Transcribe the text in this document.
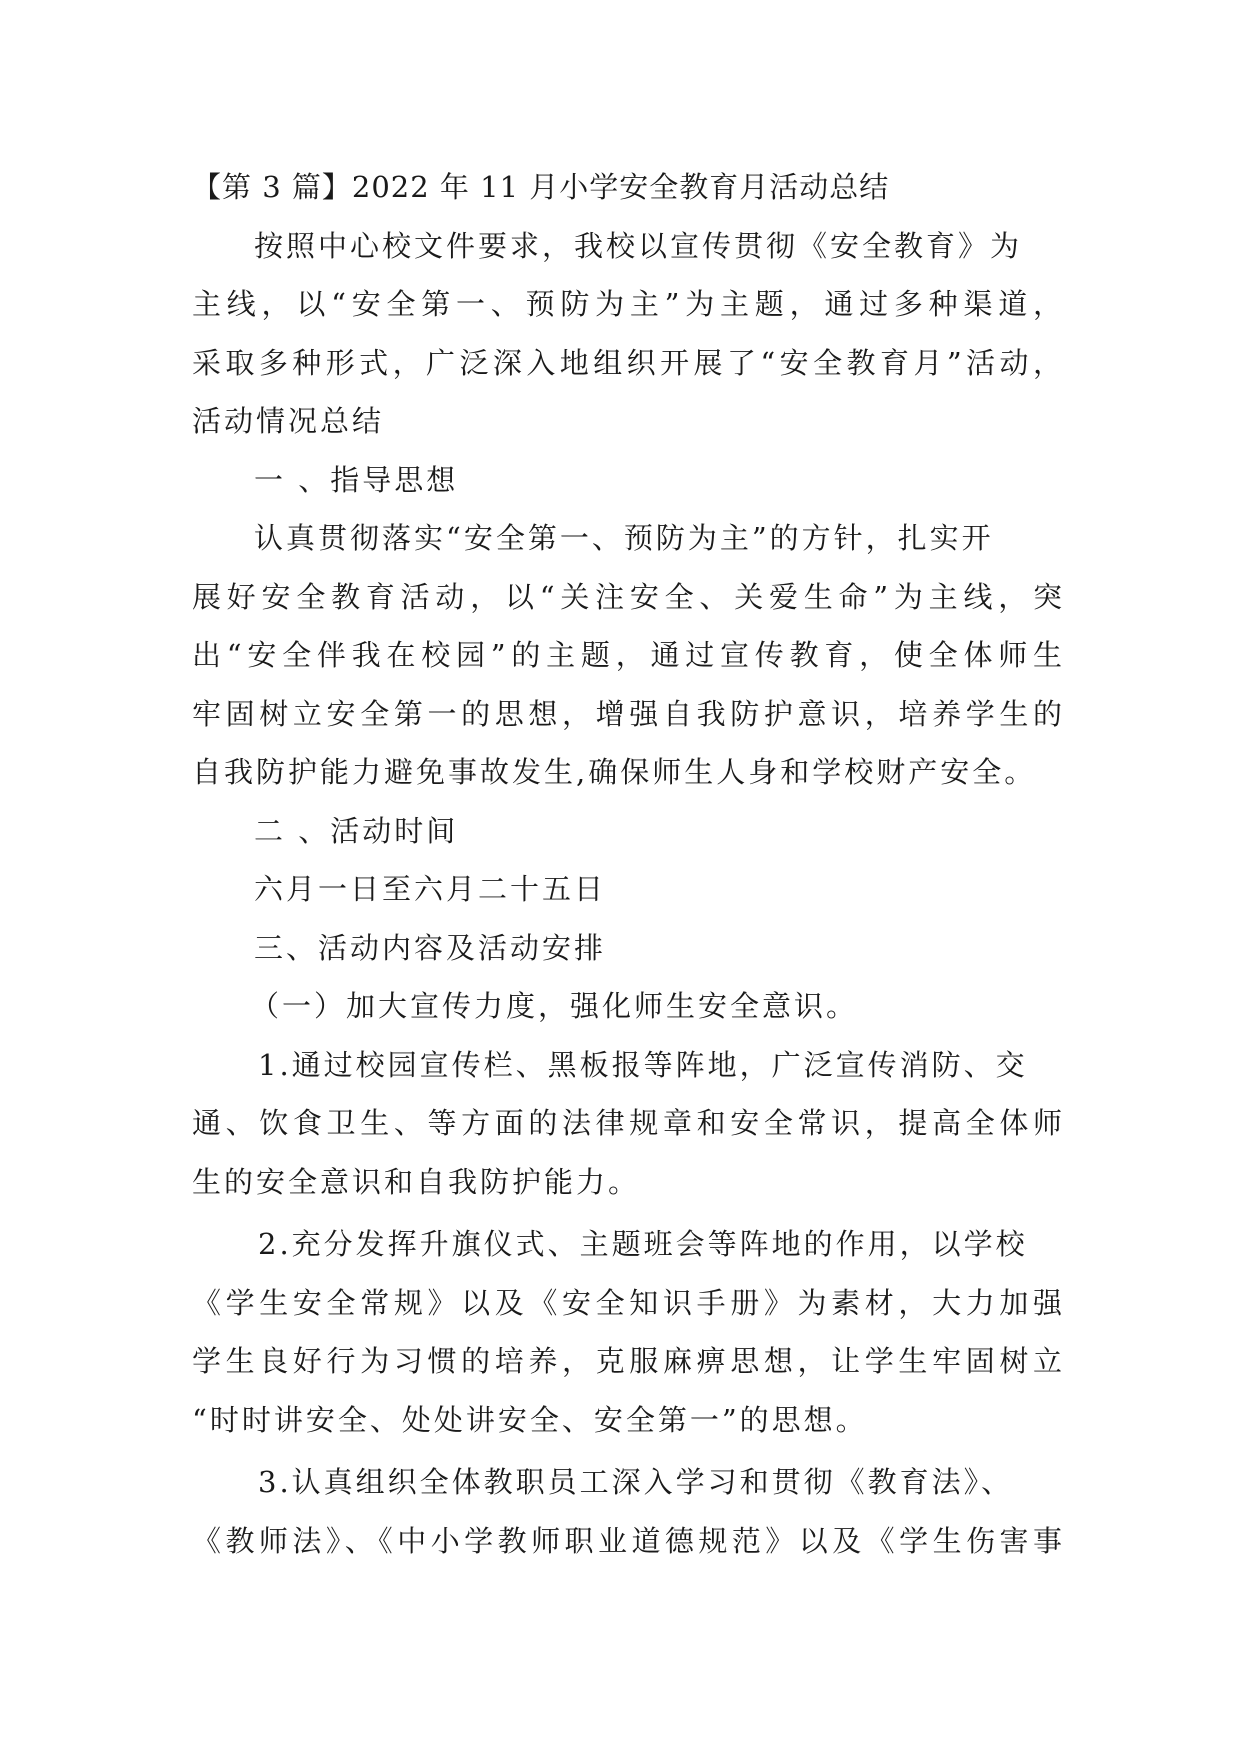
【第 3 篇】2022 年 11 月小学安全教育月活动总结
按照中心校文件要求，我校以宣传贯彻《安全教育》为
主线，以“安全第一、预防为主”为主题，通过多种渠道，
采取多种形式，广泛深入地组织开展了“安全教育月”活动，
活动情况总结
一 、指导思想
认真贯彻落实“安全第一、预防为主”的方针，扎实开
展好安全教育活动，以“关注安全、关爱生命”为主线，突
出“安全伴我在校园”的主题，通过宣传教育，使全体师生
牢固树立安全第一的思想，增强自我防护意识，培养学生的
自我防护能力避免事故发生,确保师生人身和学校财产安全。
二 、活动时间
六月一日至六月二十五日
三、活动内容及活动安排
（一）加大宣传力度，强化师生安全意识。
1.通过校园宣传栏、黑板报等阵地，广泛宣传消防、交
通、饮食卫生、等方面的法律规章和安全常识，提高全体师
生的安全意识和自我防护能力。
2.充分发挥升旗仪式、主题班会等阵地的作用，以学校
《学生安全常规》以及《安全知识手册》为素材，大力加强
学生良好行为习惯的培养，克服麻痹思想，让学生牢固树立
“时时讲安全、处处讲安全、安全第一”的思想。
3.认真组织全体教职员工深入学习和贯彻《教育法》、
《教师法》、《中小学教师职业道德规范》以及《学生伤害事
